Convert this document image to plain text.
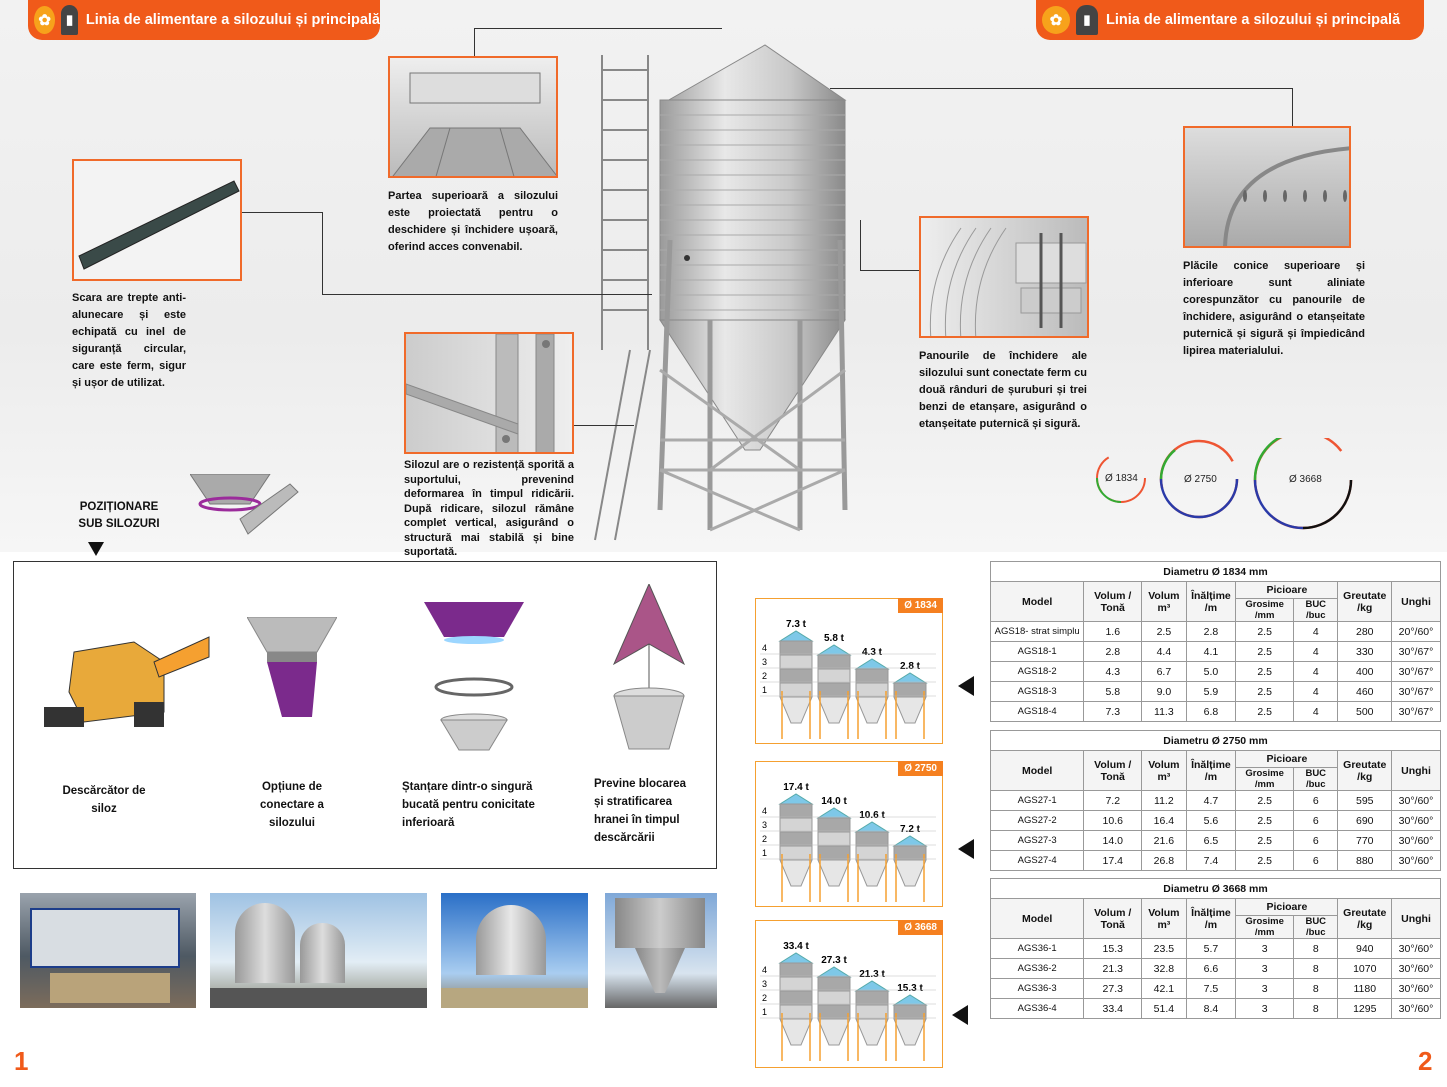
✿	▮ Linia de alimentare a silozului și principală	✿	▮	Linia de alimentare a silozului și principală
Partea superioară a silozului este proiectată pentru o deschidere și închidere ușoară, oferind acces convenabil.
Scara are trepte anti-alunecare și este echipată cu inel de siguranță circular, care este ferm, sigur și ușor de utilizat.
Silozul are o rezistență sporită a suportului, prevenind deformarea în timpul ridicării. După ridicare, silozul rămâne complet vertical, asigurând o structură mai stabilă și bine suportată.
Panourile de închidere ale silozului sunt conectate ferm cu două rânduri de șuruburi și trei benzi de etanșare, asigurând o etanșeitate puternică și sigură.
Plăcile conice superioare și inferioare sunt aliniate corespunzător cu panourile de închidere, asigurând o etanșeitate puternică și sigură și împiedicând lipirea materialului.
Ø 1834	Ø 2750	Ø 3668
POZIȚIONARE SUB SILOZURI
Descărcător de siloz
Opțiune de conectare a silozului
Ștanțare dintr-o singură bucată pentru conicitate inferioară
Previne blocarea și stratificarea hranei în timpul descărcării
1	2
Ø 1834
7.3 t
5.8 t
4.3 t
2.8 t
4
3
2
1
Ø 2750
17.4 t
14.0 t
10.6 t
7.2 t
4
3
2
1
Ø 3668
33.4 t
27.3 t
21.3 t
15.3 t
4
3
2
1
Diametru Ø 1834 mm							
Model	Volum / Tonă	Volum m³	Înălțime /m	Picioare		Greutate /kg	Unghi
				Grosime /mm	BUC /buc		
AGS18- strat simplu	1.6	2.5	2.8	2.5	4	280	20°/60°
AGS18-1	2.8	4.4	4.1	2.5	4	330	30°/67°
AGS18-2	4.3	6.7	5.0	2.5	4	400	30°/67°
AGS18-3	5.8	9.0	5.9	2.5	4	460	30°/67°
AGS18-4	7.3	11.3	6.8	2.5	4	500	30°/67°
Diametru Ø 2750 mm							
Model	Volum / Tonă	Volum m³	Înălțime /m	Picioare		Greutate /kg	Unghi
				Grosime /mm	BUC /buc		
AGS27-1	7.2	11.2	4.7	2.5	6	595	30°/60°
AGS27-2	10.6	16.4	5.6	2.5	6	690	30°/60°
AGS27-3	14.0	21.6	6.5	2.5	6	770	30°/60°
AGS27-4	17.4	26.8	7.4	2.5	6	880	30°/60°
Diametru Ø 3668 mm							
Model	Volum / Tonă	Volum m³	Înălțime /m	Picioare		Greutate /kg	Unghi
				Grosime /mm	BUC /buc		
AGS36-1	15.3	23.5	5.7	3	8	940	30°/60°
AGS36-2	21.3	32.8	6.6	3	8	1070	30°/60°
AGS36-3	27.3	42.1	7.5	3	8	1180	30°/60°
AGS36-4	33.4	51.4	8.4	3	8	1295	30°/60°
